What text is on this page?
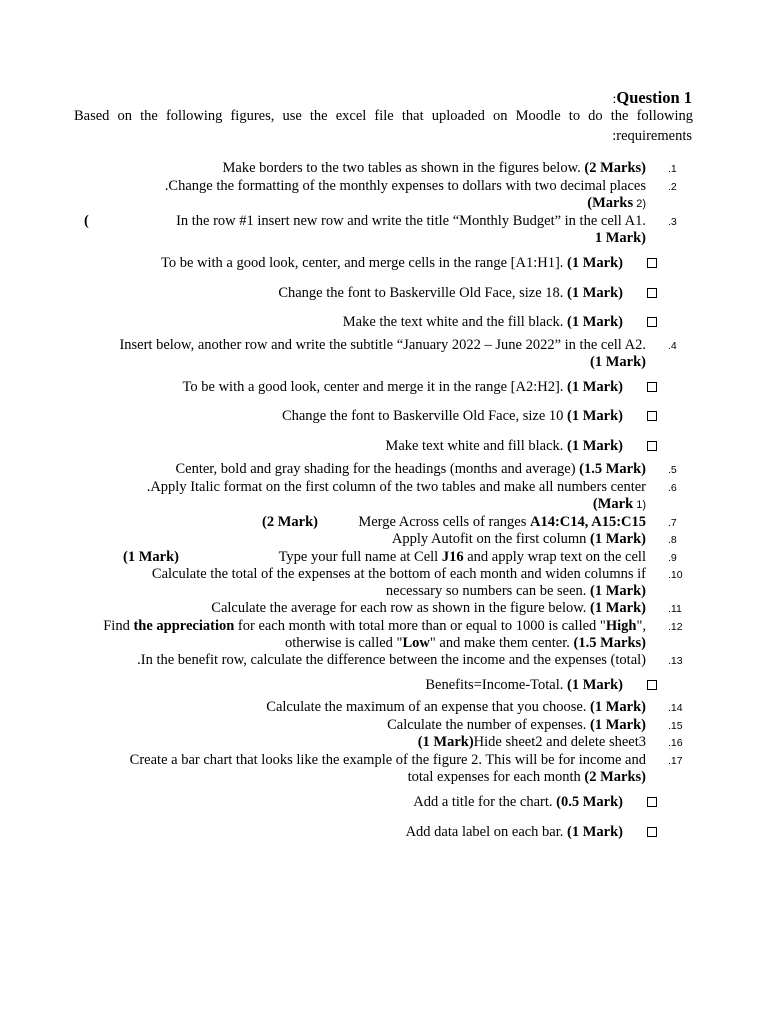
:Question 1
Based on the following figures, use the excel file that uploaded on Moodle to do the following
:requirements
Make borders to the two tables as shown in the figures below. (2 Marks) .1
.Change the formatting of the monthly expenses to dollars with two decimal places .2
(Marks 2)
(	In the row #1 insert new row and write the title “Monthly Budget” in the cell A1. .3
1 Mark)
To be with a good look, center, and merge cells in the range [A1:H1]. (1 Mark)
Change the font to Baskerville Old Face, size 18. (1 Mark)
Make the text white and the fill black. (1 Mark)
Insert below, another row and write the subtitle “January 2022 – June 2022” in the cell A2. .4
(1 Mark)
To be with a good look, center and merge it in the range [A2:H2]. (1 Mark)
Change the font to Baskerville Old Face, size 10 (1 Mark)
Make text white and fill black. (1 Mark)
Center, bold and gray shading for the headings (months and average) (1.5 Mark) .5
.Apply Italic format on the first column of the two tables and make all numbers center .6
(Mark 1)
(2 Mark)	Merge Across cells of ranges A14:C14, A15:C15 .7
Apply Autofit on the first column (1 Mark) .8
(1 Mark)	Type your full name at Cell J16 and apply wrap text on the cell .9
Calculate the total of the expenses at the bottom of each month and widen columns if .10
necessary so numbers can be seen. (1 Mark)
Calculate the average for each row as shown in the figure below. (1 Mark) .11
Find the appreciation for each month with total more than or equal to 1000 is called "High", .12
otherwise is called "Low" and make them center. (1.5 Marks)
.In the benefit row, calculate the difference between the income and the expenses (total) .13
Benefits=Income-Total. (1 Mark)
Calculate the maximum of an expense that you choose. (1 Mark) .14
Calculate the number of expenses. (1 Mark) .15
(1 Mark)Hide sheet2 and delete sheet3 .16
Create a bar chart that looks like the example of the figure 2. This will be for income and .17
total expenses for each month (2 Marks)
Add a title for the chart. (0.5 Mark)
Add data label on each bar. (1 Mark)
